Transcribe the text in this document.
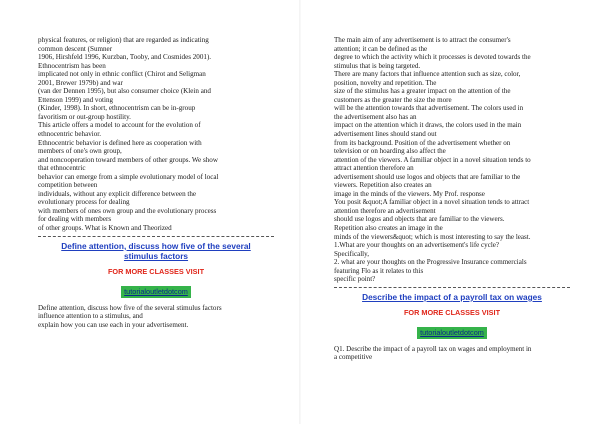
physical features, or religion) that are regarded as indicating
common descent (Sumner
1906, Hirshfeld 1996, Kurzban, Tooby, and Cosmides 2001).
Ethnocentrism has been
implicated not only in ethnic conflict (Chirot and Seligman
2001, Brewer 1979b) and war
(van der Dennen 1995), but also consumer choice (Klein and
Ettenson 1999) and voting
(Kinder, 1998). In short, ethnocentrism can be in-group
favoritism or out-group hostility.
This article offers a model to account for the evolution of
ethnocentric behavior.
Ethnocentric behavior is defined here as cooperation with
members of one's own group,
and noncooperation toward members of other groups. We show
that ethnocentric
behavior can emerge from a simple evolutionary model of local
competition between
individuals, without any explicit difference between the
evolutionary process for dealing
with members of ones own group and the evolutionary process
for dealing with members
of other groups. What is Known and Theorized

Define attention, discuss how five of the several stimulus factors
FOR MORE CLASSES VISIT
tutorialoutletdotcom

Define attention, discuss how five of the several stimulus factors
influence attention to a stimulus, and
explain how you can use each in your advertisement.

The main aim of any advertisement is to attract the consumer's
attention; it can be defined as the
degree to which the activity which it processes is devoted towards the
stimulus that is being targeted.
There are many factors that influence attention such as size, color,
position, novelty and repetition. The
size of the stimulus has a greater impact on the attention of the
customers as the greater the size the more
will be the attention towards that advertisement. The colors used in
the advertisement also has an
impact on the attention which it draws, the colors used in the main
advertisement lines should stand out
from its background. Position of the advertisement whether on
television or on hoarding also affect the
attention of the viewers. A familiar object in a novel situation tends to
attract attention therefore an
advertisement should use logos and objects that are familiar to the
viewers. Repetition also creates an
image in the minds of the viewers. My Prof. response
You posit &quot;A familiar object in a novel situation tends to attract
attention therefore an advertisement
should use logos and objects that are familiar to the viewers.
Repetition also creates an image in the
minds of the viewers&quot; which is most interesting to say the least.
1.What are your thoughts on an advertisement's life cycle?
Specifically,
2. what are your thoughts on the Progressive Insurance commercials
featuring Flo as it relates to this
specific point?

Describe the impact of a payroll tax on wages
FOR MORE CLASSES VISIT
tutorialoutletdotcom

Q1. Describe the impact of a payroll tax on wages and employment in
a competitive
